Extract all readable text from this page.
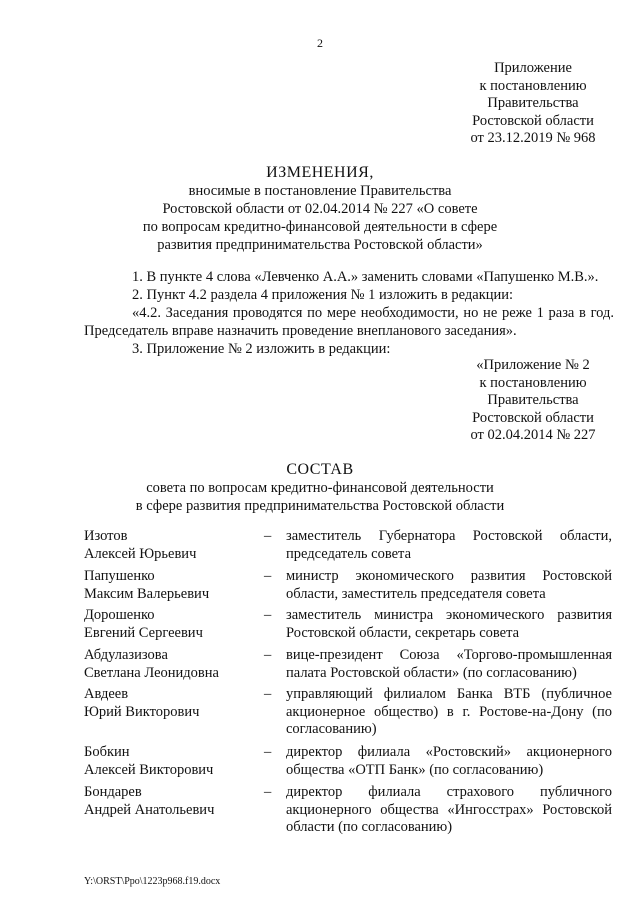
2
Приложение
к постановлению
Правительства
Ростовской области
от 23.12.2019 № 968
ИЗМЕНЕНИЯ,
вносимые в постановление Правительства
Ростовской области от 02.04.2014 № 227 «О совете
по вопросам кредитно-финансовой деятельности в сфере
развития предпринимательства Ростовской области»

1. В пункте 4 слова «Левченко А.А.» заменить словами «Папушенко М.В.».

2. Пункт 4.2 раздела 4 приложения № 1 изложить в редакции:

«4.2. Заседания проводятся по мере необходимости, но не реже 1 раза в год. Председатель вправе назначить проведение внепланового заседания».

3. Приложение № 2 изложить в редакции:

«Приложение № 2
к постановлению
Правительства
Ростовской области
от 02.04.2014 № 227
СОСТАВ
совета по вопросам кредитно-финансовой деятельности
в сфере развития предпринимательства Ростовской области
Изотов
Алексей Юрьевич
– заместитель Губернатора Ростовской области, председатель совета
Папушенко
Максим Валерьевич
– министр экономического развития Ростовской области, заместитель председателя совета
Дорошенко
Евгений Сергеевич
– заместитель министра экономического развития Ростовской области, секретарь совета
Абдулазизова
Светлана Леонидовна
– вице-президент Союза «Торгово-промышленная палата Ростовской области» (по согласованию)
Авдеев
Юрий Викторович
– управляющий филиалом Банка ВТБ (публичное акционерное общество) в г. Ростове-на-Дону (по согласованию)
Бобкин
Алексей Викторович
– директор филиала «Ростовский» акционерного общества «ОТП Банк» (по согласованию)
Бондарев
Андрей Анатольевич
– директор филиала страхового публичного акционерного общества «Ингосстрах» Ростовской области (по согласованию)
Y:\ORST\Ppo\1223p968.f19.docx
